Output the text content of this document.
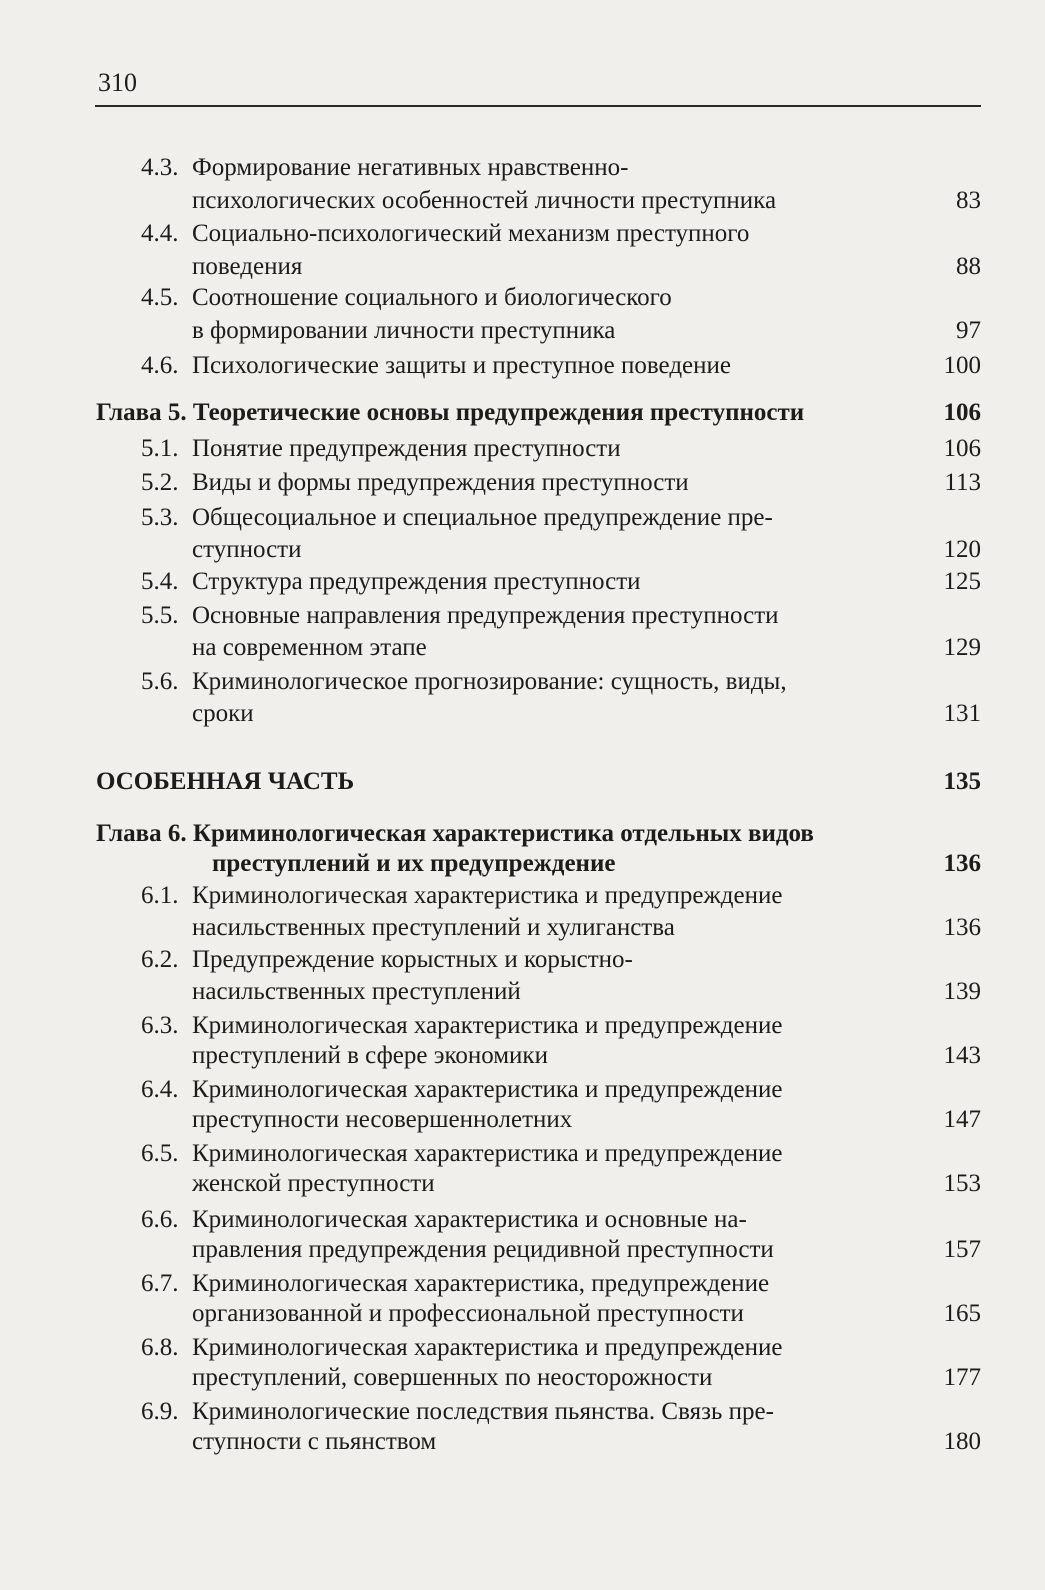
310
4.3. Формирование негативных нравственно-
психологических особенностей личности преступника	83
4.4. Социально-психологический механизм преступного
поведения	88
4.5. Соотношение социального и биологического
в формировании личности преступника	97
4.6. Психологические защиты и преступное поведение	100
Глава 5. Теоретические основы предупреждения преступности	106
5.1. Понятие предупреждения преступности	106
5.2. Виды и формы предупреждения преступности	113
5.3. Общесоциальное и специальное предупреждение пре-
ступности	120
5.4. Структура предупреждения преступности	125
5.5. Основные направления предупреждения преступности
на современном этапе	129
5.6. Криминологическое прогнозирование: сущность, виды,
сроки	131
ОСОБЕННАЯ ЧАСТЬ	135
Глава 6. Криминологическая характеристика отдельных видов
преступлений и их предупреждение	136
6.1. Криминологическая характеристика и предупреждение
насильственных преступлений и хулиганства	136
6.2. Предупреждение корыстных и корыстно-
насильственных преступлений	139
6.3. Криминологическая характеристика и предупреждение
преступлений в сфере экономики	143
6.4. Криминологическая характеристика и предупреждение
преступности несовершеннолетних	147
6.5. Криминологическая характеристика и предупреждение
женской преступности	153
6.6. Криминологическая характеристика и основные на-
правления предупреждения рецидивной преступности	157
6.7. Криминологическая характеристика, предупреждение
организованной и профессиональной преступности	165
6.8. Криминологическая характеристика и предупреждение
преступлений, совершенных по неосторожности	177
6.9. Криминологические последствия пьянства. Связь пре-
ступности с пьянством	180
